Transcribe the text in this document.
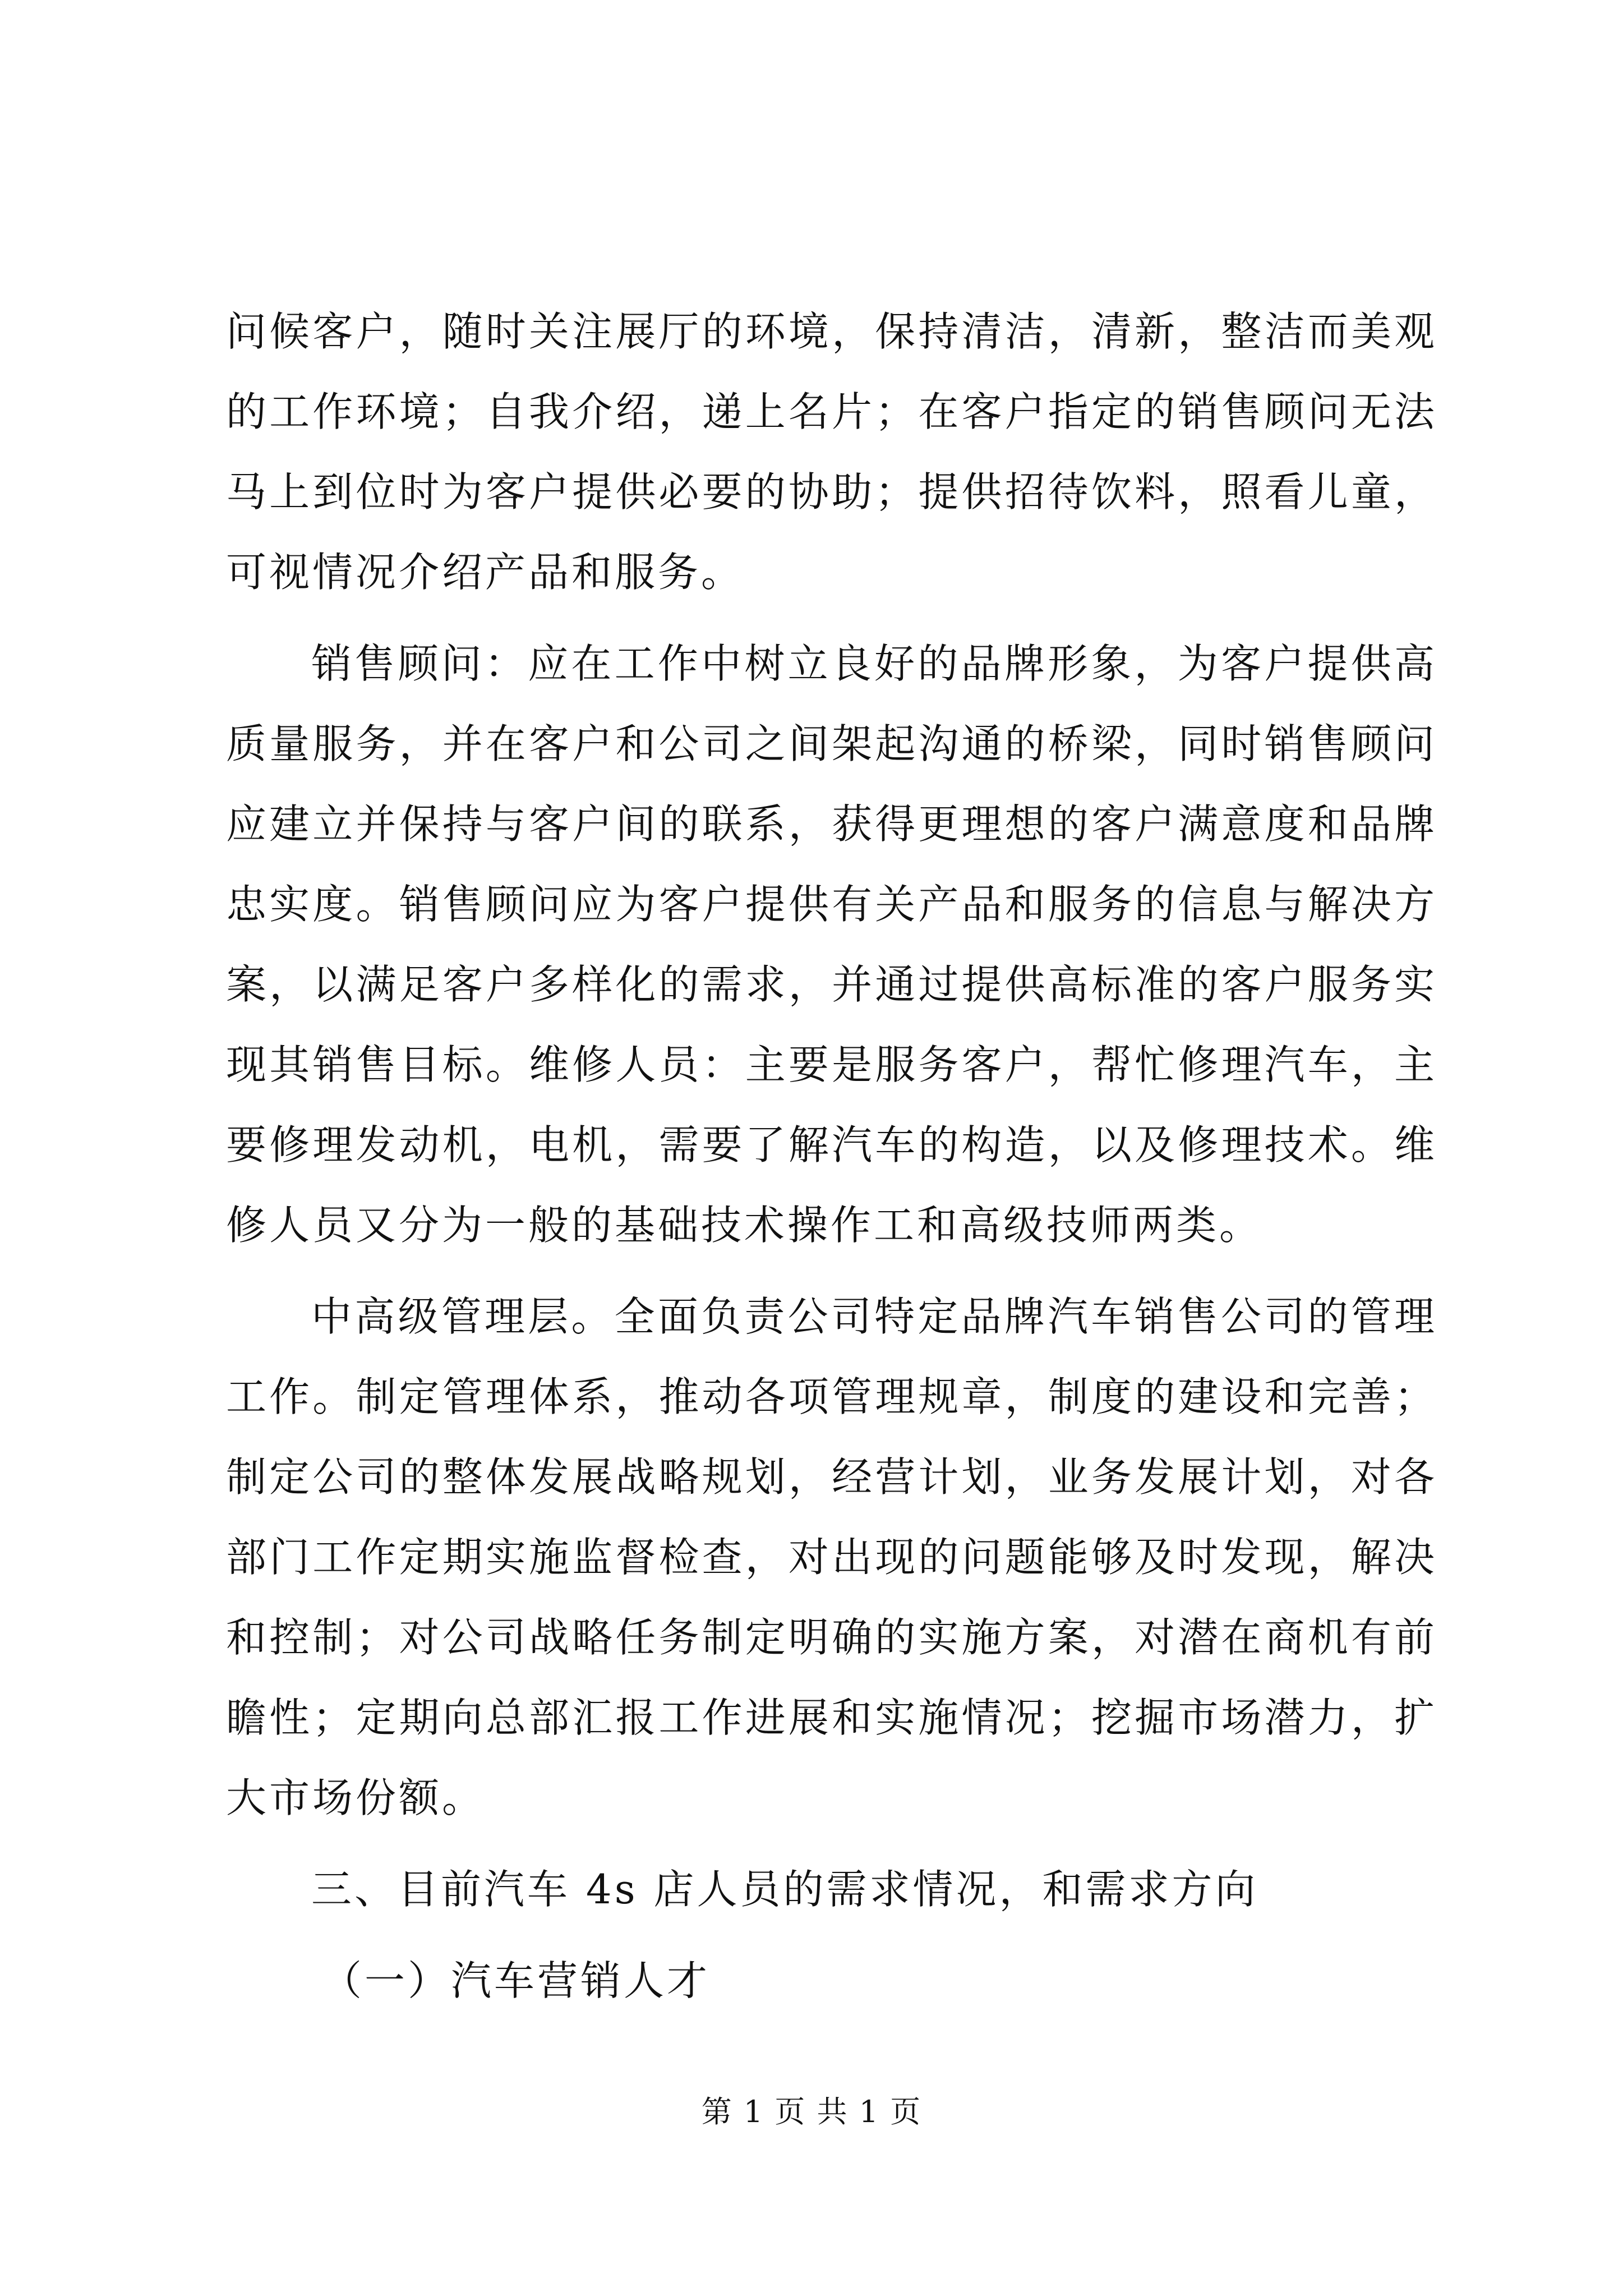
问候客户，随时关注展厅的环境，保持清洁，清新，整洁而美观的工作环境；自我介绍，递上名片；在客户指定的销售顾问无法马上到位时为客户提供必要的协助；提供招待饮料，照看儿童，可视情况介绍产品和服务。

销售顾问：应在工作中树立良好的品牌形象，为客户提供高质量服务，并在客户和公司之间架起沟通的桥梁，同时销售顾问应建立并保持与客户间的联系，获得更理想的客户满意度和品牌忠实度。销售顾问应为客户提供有关产品和服务的信息与解决方案，以满足客户多样化的需求，并通过提供高标准的客户服务实现其销售目标。维修人员：主要是服务客户，帮忙修理汽车，主要修理发动机，电机，需要了解汽车的构造，以及修理技术。维修人员又分为一般的基础技术操作工和高级技师两类。

中高级管理层。全面负责公司特定品牌汽车销售公司的管理工作。制定管理体系，推动各项管理规章，制度的建设和完善；制定公司的整体发展战略规划，经营计划，业务发展计划，对各部门工作定期实施监督检查，对出现的问题能够及时发现，解决和控制；对公司战略任务制定明确的实施方案，对潜在商机有前瞻性；定期向总部汇报工作进展和实施情况；挖掘市场潜力，扩大市场份额。

三、目前汽车 4s 店人员的需求情况，和需求方向

（一）汽车营销人才

第 1 页 共 1 页
